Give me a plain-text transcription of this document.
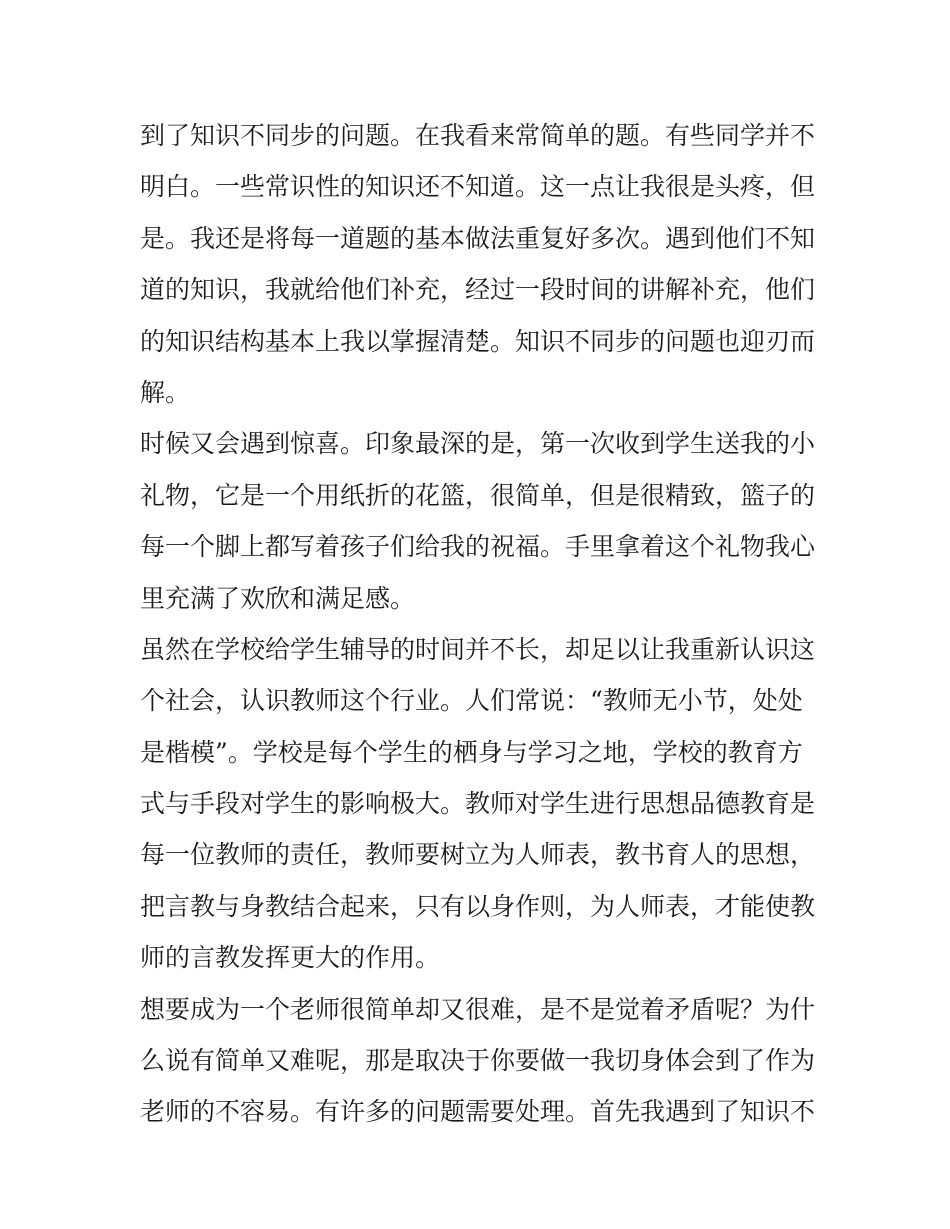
到了知识不同步的问题。在我看来常简单的题。有些同学并不
明白。一些常识性的知识还不知道。这一点让我很是头疼，但
是。我还是将每一道题的基本做法重复好多次。遇到他们不知
道的知识，我就给他们补充，经过一段时间的讲解补充，他们
的知识结构基本上我以掌握清楚。知识不同步的问题也迎刃而
解。
时候又会遇到惊喜。印象最深的是，第一次收到学生送我的小
礼物，它是一个用纸折的花篮，很简单，但是很精致，篮子的
每一个脚上都写着孩子们给我的祝福。手里拿着这个礼物我心
里充满了欢欣和满足感。
虽然在学校给学生辅导的时间并不长，却足以让我重新认识这
个社会，认识教师这个行业。人们常说：“教师无小节，处处
是楷模”。学校是每个学生的栖身与学习之地，学校的教育方
式与手段对学生的影响极大。教师对学生进行思想品德教育是
每一位教师的责任，教师要树立为人师表，教书育人的思想，
把言教与身教结合起来，只有以身作则，为人师表，才能使教
师的言教发挥更大的作用。
想要成为一个老师很简单却又很难，是不是觉着矛盾呢？为什
么说有简单又难呢，那是取决于你要做一我切身体会到了作为
老师的不容易。有许多的问题需要处理。首先我遇到了知识不
